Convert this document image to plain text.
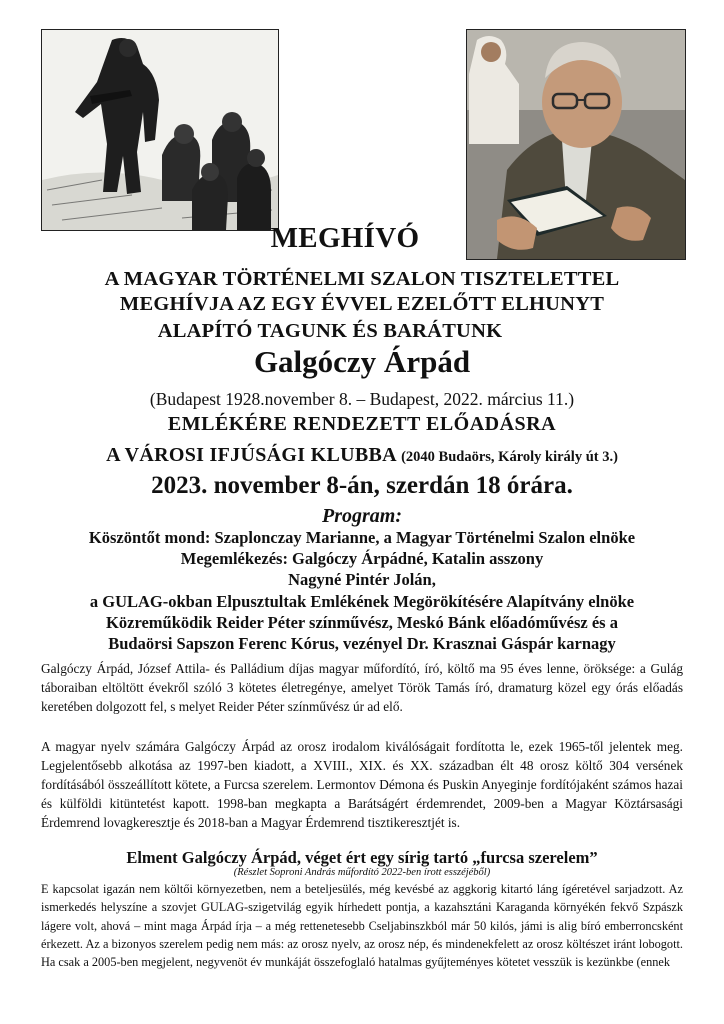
MEGHÍVÓ
A MAGYAR TÖRTÉNELMI SZALON TISZTELETTEL
MEGHÍVJA AZ EGY ÉVVEL EZELŐTT ELHUNYT
ALAPÍTÓ TAGUNK ÉS BARÁTUNK
Galgóczy Árpád
(Budapest 1928.november 8. – Budapest, 2022. március 11.)
EMLÉKÉRE RENDEZETT ELŐADÁSRA
A VÁROSI IFJÚSÁGI KLUBBA (2040 Budaörs, Károly király út 3.)
2023. november 8-án, szerdán 18 órára.
Program:
Köszöntőt mond: Szaplonczay Marianne, a Magyar Történelmi Szalon elnöke
Megemlékezés: Galgóczy Árpádné, Katalin asszony
Nagyné Pintér Jolán,
a GULAG-okban Elpusztultak Emlékének Megörökítésére Alapítvány elnöke
Közreműködik Reider Péter színművész, Meskó Bánk előadóművész és a
Budaörsi Sapszon Ferenc Kórus, vezényel Dr. Krasznai Gáspár karnagy

Galgóczy Árpád, József Attila- és Palládium díjas magyar műfordító, író, költő ma 95 éves lenne, öröksége: a Gulág táboraiban eltöltött évekről szóló 3 kötetes életregénye, amelyet Török Tamás író, dramaturg közel egy órás előadás keretében dolgozott fel, s melyet Reider Péter színművész úr ad elő.

A magyar nyelv számára Galgóczy Árpád az orosz irodalom kiválóságait fordította le, ezek 1965-től jelentek meg. Legjelentősebb alkotása az 1997-ben kiadott, a XVIII., XIX. és XX. században élt 48 orosz költő 304 versének fordításából összeállított kötete, a Furcsa szerelem. Lermontov Démona és Puskin Anyeginje fordítójaként számos hazai és külföldi kitüntetést kapott. 1998-ban megkapta a Barátságért érdemrendet, 2009-ben a Magyar Köztársasági Érdemrend lovagkeresztje és 2018-ban a Magyar Érdemrend tisztikeresztjét is.

Elment Galgóczy Árpád, véget ért egy sírig tartó „furcsa szerelem”
(Részlet Soproni András műfordító 2022-ben írott esszéjéből)

E kapcsolat igazán nem költői környezetben, nem a beteljesülés, még kevésbé az aggkorig kitartó láng ígéretével sarjadzott. Az ismerkedés helyszíne a szovjet GULAG-szigetvilág egyik hírhedett pontja, a kazahsztáni Karaganda környékén fekvő Szpászk lágere volt, ahová – mint maga Árpád írja – a még rettenetesebb Cseljabinszkból már 50 kilós, jámi is alig bíró emberroncsként érkezett. Az a bizonyos szerelem pedig nem más: az orosz nyelv, az orosz nép, és mindenekfelett az orosz költészet iránt lobogott. Ha csak a 2005-ben megjelent, negyvenöt év munkáját összefoglaló hatalmas gyűjteményes kötetet vesszük is kezünkbe (ennek
